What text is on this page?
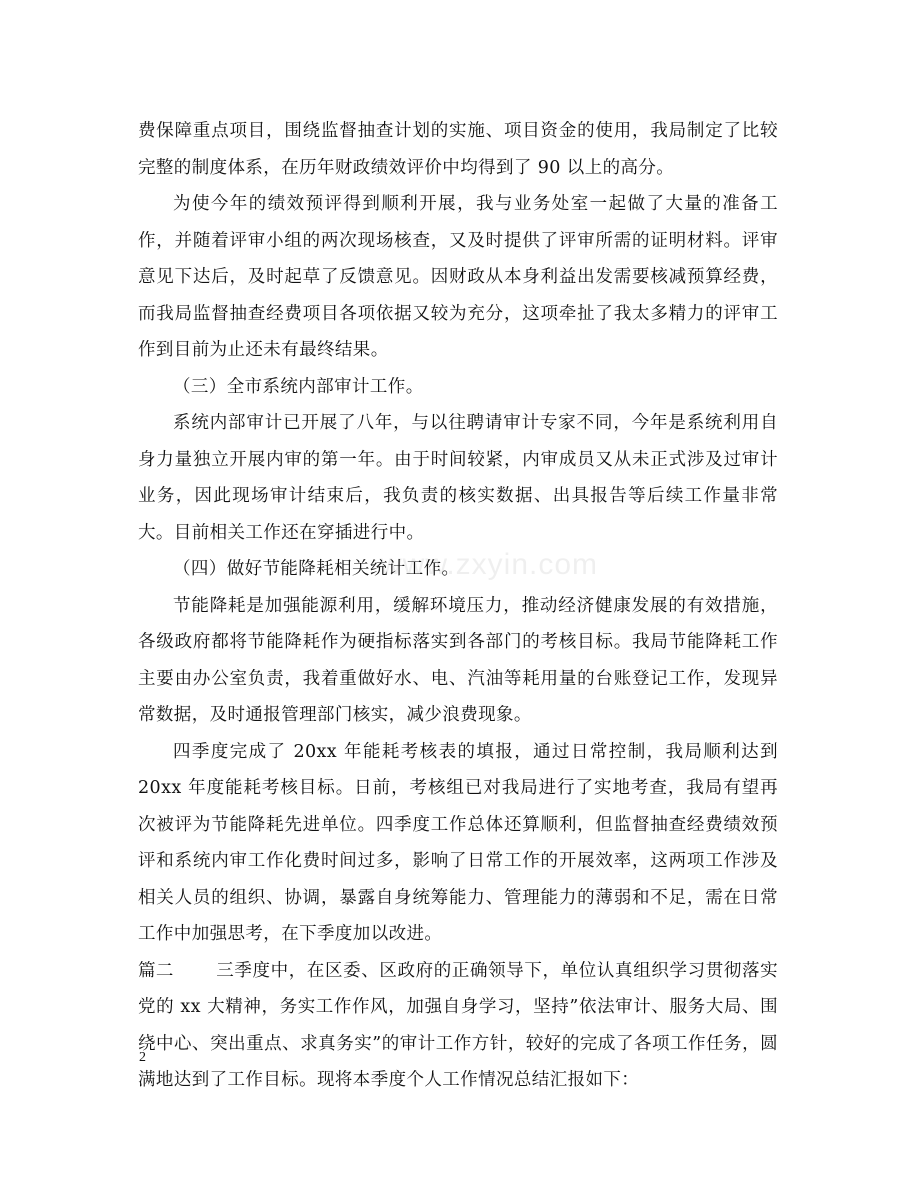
费保障重点项目，围绕监督抽查计划的实施、项目资金的使用，我局制定了比较完整的制度体系，在历年财政绩效评价中均得到了 90 以上的高分。

为使今年的绩效预评得到顺利开展，我与业务处室一起做了大量的准备工作，并随着评审小组的两次现场核查，又及时提供了评审所需的证明材料。评审意见下达后，及时起草了反馈意见。因财政从本身利益出发需要核减预算经费，而我局监督抽查经费项目各项依据又较为充分，这项牵扯了我太多精力的评审工作到目前为止还未有最终结果。

（三）全市系统内部审计工作。

系统内部审计已开展了八年，与以往聘请审计专家不同，今年是系统利用自身力量独立开展内审的第一年。由于时间较紧，内审成员又从未正式涉及过审计业务，因此现场审计结束后，我负责的核实数据、出具报告等后续工作量非常大。目前相关工作还在穿插进行中。

（四）做好节能降耗相关统计工作。

节能降耗是加强能源利用，缓解环境压力，推动经济健康发展的有效措施，各级政府都将节能降耗作为硬指标落实到各部门的考核目标。我局节能降耗工作主要由办公室负责，我着重做好水、电、汽油等耗用量的台账登记工作，发现异常数据，及时通报管理部门核实，减少浪费现象。

四季度完成了 20xx 年能耗考核表的填报，通过日常控制，我局顺利达到 20xx 年度能耗考核目标。日前，考核组已对我局进行了实地考查，我局有望再次被评为节能降耗先进单位。四季度工作总体还算顺利，但监督抽查经费绩效预评和系统内审工作化费时间过多，影响了日常工作的开展效率，这两项工作涉及相关人员的组织、协调，暴露自身统筹能力、管理能力的薄弱和不足，需在日常工作中加强思考，在下季度加以改进。

篇二 三季度中，在区委、区政府的正确领导下，单位认真组织学习贯彻落实党的 xx 大精神，务实工作作风，加强自身学习，坚持”依法审计、服务大局、围绕中心、突出重点、求真务实”的审计工作方针，较好的完成了各项工作任务，圆满地达到了工作目标。现将本季度个人工作情况总结汇报如下：

www.zxyin.com
2
